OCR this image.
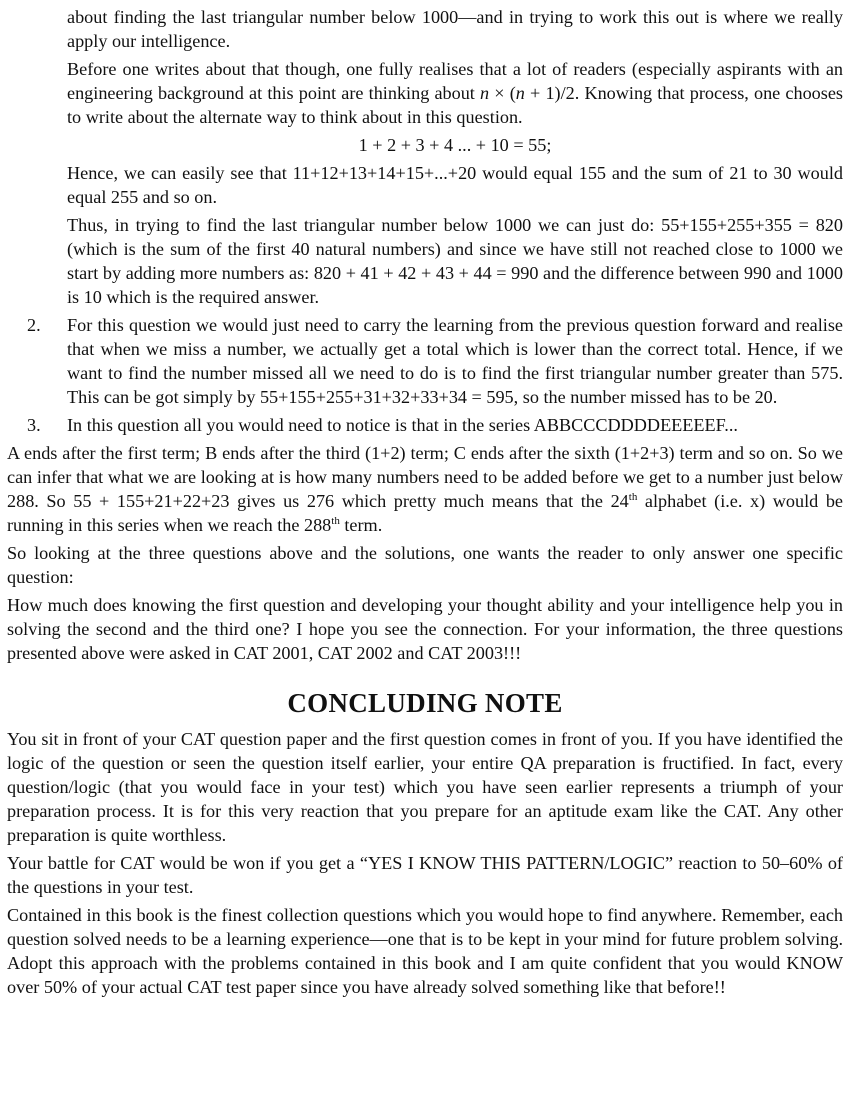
about finding the last triangular number below 1000—and in trying to work this out is where we really apply our intelligence.

Before one writes about that though, one fully realises that a lot of readers (especially aspirants with an engineering background at this point are thinking about n × (n + 1)/2. Knowing that process, one chooses to write about the alternate way to think about in this question.

1 + 2 + 3 + 4 ... + 10 = 55;

Hence, we can easily see that 11+12+13+14+15+...+20 would equal 155 and the sum of 21 to 30 would equal 255 and so on.

Thus, in trying to find the last triangular number below 1000 we can just do: 55+155+255+355 = 820 (which is the sum of the first 40 natural numbers) and since we have still not reached close to 1000 we start by adding more numbers as: 820 + 41 + 42 + 43 + 44 = 990 and the difference between 990 and 1000 is 10 which is the required answer.

2. For this question we would just need to carry the learning from the previous question forward and realise that when we miss a number, we actually get a total which is lower than the correct total. Hence, if we want to find the number missed all we need to do is to find the first triangular number greater than 575. This can be got simply by 55+155+255+31+32+33+34 = 595, so the number missed has to be 20.
3. In this question all you would need to notice is that in the series ABBCCCDDDDEEEEEF...

A ends after the first term; B ends after the third (1+2) term; C ends after the sixth (1+2+3) term and so on. So we can infer that what we are looking at is how many numbers need to be added before we get to a number just below 288. So 55 + 155+21+22+23 gives us 276 which pretty much means that the 24th alphabet (i.e. x) would be running in this series when we reach the 288th term.

So looking at the three questions above and the solutions, one wants the reader to only answer one specific question:

How much does knowing the first question and developing your thought ability and your intelligence help you in solving the second and the third one? I hope you see the connection. For your information, the three questions presented above were asked in CAT 2001, CAT 2002 and CAT 2003!!!

CONCLUDING NOTE

You sit in front of your CAT question paper and the first question comes in front of you. If you have identified the logic of the question or seen the question itself earlier, your entire QA preparation is fructified. In fact, every question/logic (that you would face in your test) which you have seen earlier represents a triumph of your preparation process. It is for this very reaction that you prepare for an aptitude exam like the CAT. Any other preparation is quite worthless.

Your battle for CAT would be won if you get a “YES I KNOW THIS PATTERN/LOGIC” reaction to 50–60% of the questions in your test.

Contained in this book is the finest collection questions which you would hope to find anywhere. Remember, each question solved needs to be a learning experience—one that is to be kept in your mind for future problem solving. Adopt this approach with the problems contained in this book and I am quite confident that you would KNOW over 50% of your actual CAT test paper since you have already solved something like that before!!
